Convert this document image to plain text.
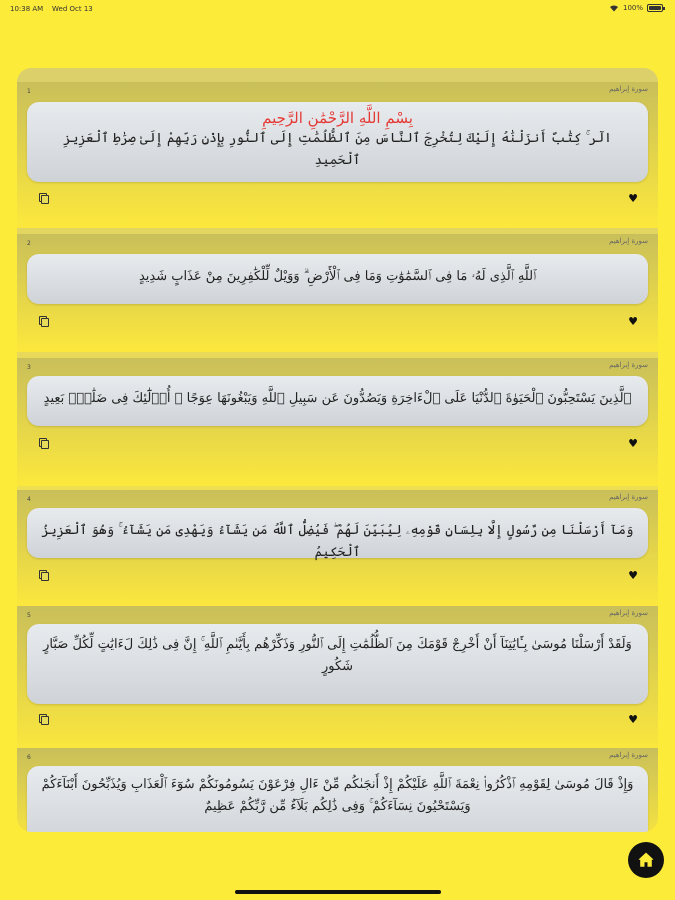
10:38 AM Wed Oct 13	100%
1	سورة إبراهيم
بِسْمِ اللَّهِ الرَّحْمَٰنِ الرَّحِيمِ
الٓر ۚ كِتَٰبٌ أَنزَلْنَٰهُ إِلَيْكَ لِتُخْرِجَ ٱلنَّاسَ مِنَ ٱلظُّلُمَٰتِ إِلَى ٱلنُّورِ بِإِذْنِ رَبِّهِمْ إِلَىٰ صِرَٰطِ ٱلْعَزِيزِ ٱلْحَمِيدِ
♥
2	سورة إبراهيم
ٱللَّهِ ٱلَّذِى لَهُۥ مَا فِى ٱلسَّمَٰوَٰتِ وَمَا فِى ٱلْأَرْضِ ۗ وَوَيْلٌ لِّلْكَٰفِرِينَ مِنْ عَذَابٍ شَدِيدٍ
♥
3	سورة إبراهيم
ٱلَّذِينَ يَسْتَحِبُّونَ ٱلْحَيَوٰةَ ٱلدُّنْيَا عَلَى ٱلْءَاخِرَةِ وَيَصُدُّونَ عَن سَبِيلِ ٱللَّهِ وَيَبْغُونَهَا عِوَجًا ۚ أُو۟لَٰٓئِكَ فِى ضَلَٰلٍۭ بَعِيدٍ
♥
4	سورة إبراهيم
وَمَآ أَرْسَلْنَا مِن رَّسُولٍ إِلَّا بِلِسَانِ قَوْمِهِۦ لِيُبَيِّنَ لَهُمْ ۖ فَيُضِلُّ ٱللَّهُ مَن يَشَآءُ وَيَهْدِى مَن يَشَآءُ ۚ وَهُوَ ٱلْعَزِيزُ ٱلْحَكِيمُ
♥
5	سورة إبراهيم
وَلَقَدْ أَرْسَلْنَا مُوسَىٰ بِـَٔايَٰتِنَآ أَنْ أَخْرِجْ قَوْمَكَ مِنَ ٱلظُّلُمَٰتِ إِلَى ٱلنُّورِ وَذَكِّرْهُم بِأَيَّىٰمِ ٱللَّهِ ۚ إِنَّ فِى ذَٰلِكَ لَءَايَٰتٍ لِّكُلِّ صَبَّارٍ شَكُورٍ
♥
6	سورة إبراهيم
وَإِذْ قَالَ مُوسَىٰ لِقَوْمِهِ ٱذْكُرُوا۟ نِعْمَةَ ٱللَّهِ عَلَيْكُمْ إِذْ أَنجَىٰكُم مِّنْ ءَالِ فِرْعَوْنَ يَسُومُونَكُمْ سُوٓءَ ٱلْعَذَابِ وَيُذَبِّحُونَ أَبْنَآءَكُمْ وَيَسْتَحْيُونَ نِسَآءَكُمْ ۚ وَفِى ذَٰلِكُم بَلَآءٌ مِّن رَّبِّكُمْ عَظِيمٌ
